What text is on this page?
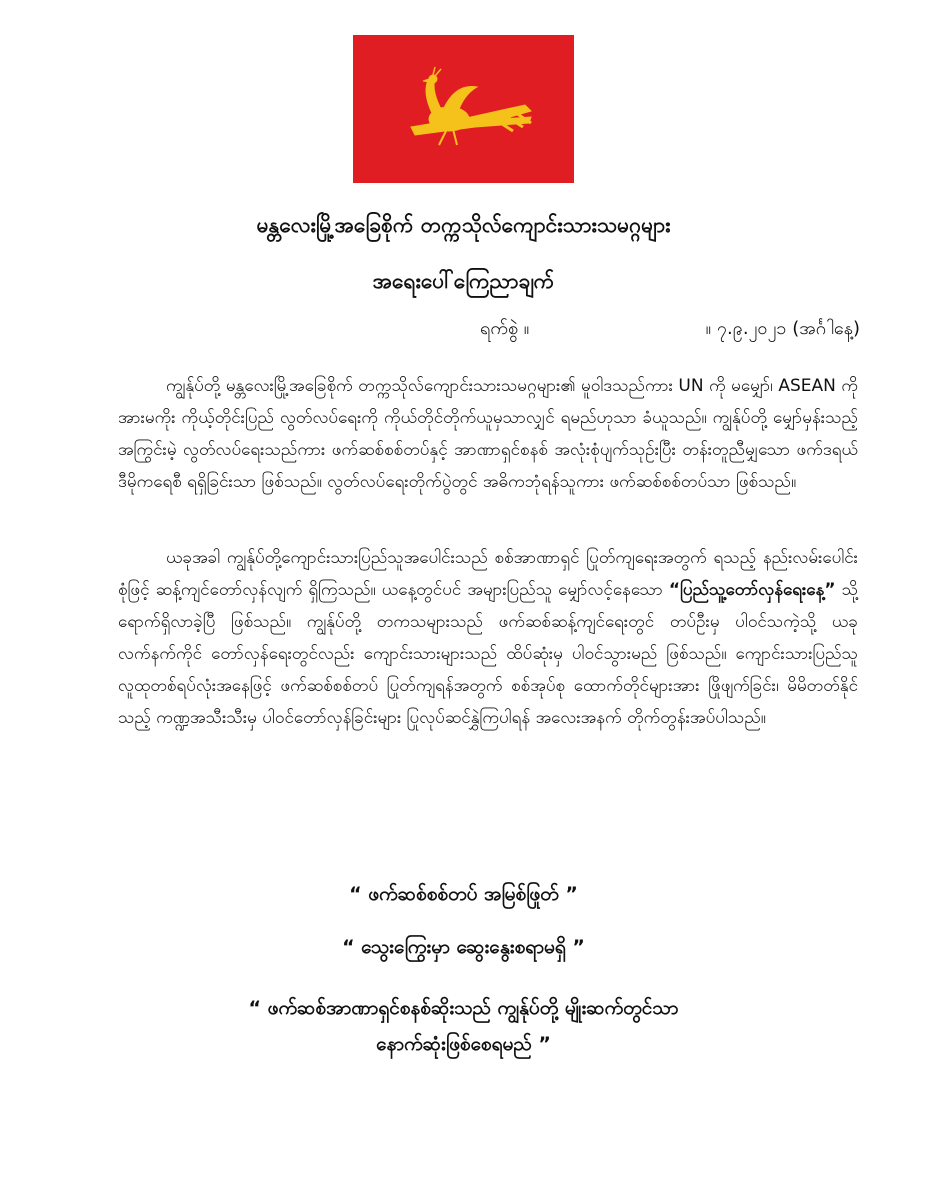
မန္တလေးမြို့အခြေစိုက် တက္ကသိုလ်ကျောင်းသားသမဂ္ဂများ
အရေးပေါ်ကြေညာချက်
ရက်စွဲ ။	။ ၇.၉.၂၀၂၁ (အင်္ဂါနေ့)

ကျွန်ုပ်တို့ မန္တလေးမြို့အခြေစိုက် တက္ကသိုလ်ကျောင်းသားသမဂ္ဂများ၏ မူဝါဒသည်ကား UN ကို မမျှော်၊ ASEAN ကိုအားမကိုး ကိုယ့်တိုင်းပြည် လွတ်လပ်ရေးကို ကိုယ်တိုင်တိုက်ယူမှသာလျှင် ရမည်ဟုသာ ခံယူသည်။ ကျွန်ုပ်တို့ မျှော်မှန်းသည့် အကြွင်းမဲ့ လွတ်လပ်ရေးသည်ကား ဖက်ဆစ်စစ်တပ်နှင့် အာဏာရှင်စနစ် အလုံးစုံပျက်သုဉ်းပြီး တန်းတူညီမျှသော ဖက်ဒရယ်ဒီမိုကရေစီ ရရှိခြင်းသာ ဖြစ်သည်။ လွတ်လပ်ရေးတိုက်ပွဲတွင် အဓိကဘုံရန်သူကား ဖက်ဆစ်စစ်တပ်သာ ဖြစ်သည်။

ယခုအခါ ကျွန်ုပ်တို့ကျောင်းသားပြည်သူအပေါင်းသည် စစ်အာဏာရှင် ပြုတ်ကျရေးအတွက် ရသည့် နည်းလမ်းပေါင်းစုံဖြင့် ဆန့်ကျင်တော်လှန်လျက် ရှိကြသည်။ ယနေ့တွင်ပင် အများပြည်သူ မျှော်လင့်နေသော “ပြည်သူ့တော်လှန်ရေးနေ့” သို့ရောက်ရှိလာခဲ့ပြီ ဖြစ်သည်။ ကျွန်ုပ်တို့ တကသများသည် ဖက်ဆစ်ဆန့်ကျင်ရေးတွင် တပ်ဦးမှ ပါဝင်သကဲ့သို့ ယခုလက်နက်ကိုင် တော်လှန်ရေးတွင်လည်း ကျောင်းသားများသည် ထိပ်ဆုံးမှ ပါဝင်သွားမည် ဖြစ်သည်။ ကျောင်းသားပြည်သူ လူထုတစ်ရပ်လုံးအနေဖြင့် ဖက်ဆစ်စစ်တပ် ပြုတ်ကျရန်အတွက် စစ်အုပ်စု ထောက်တိုင်များအား ဖြိုဖျက်ခြင်း၊ မိမိတတ်နိုင်သည့် ကဏ္ဍအသီးသီးမှ ပါဝင်တော်လှန်ခြင်းများ ပြုလုပ်ဆင်နွှဲကြပါရန် အလေးအနက် တိုက်တွန်းအပ်ပါသည်။

“ ဖက်ဆစ်စစ်တပ် အမြစ်ဖြုတ် ”

“ သွေးကြွေးမှာ ဆွေးနွေးစရာမရှိ ”

“ ဖက်ဆစ်အာဏာရှင်စနစ်ဆိုးသည် ကျွန်ုပ်တို့ မျိုးဆက်တွင်သာ
နောက်ဆုံးဖြစ်စေရမည် ”
